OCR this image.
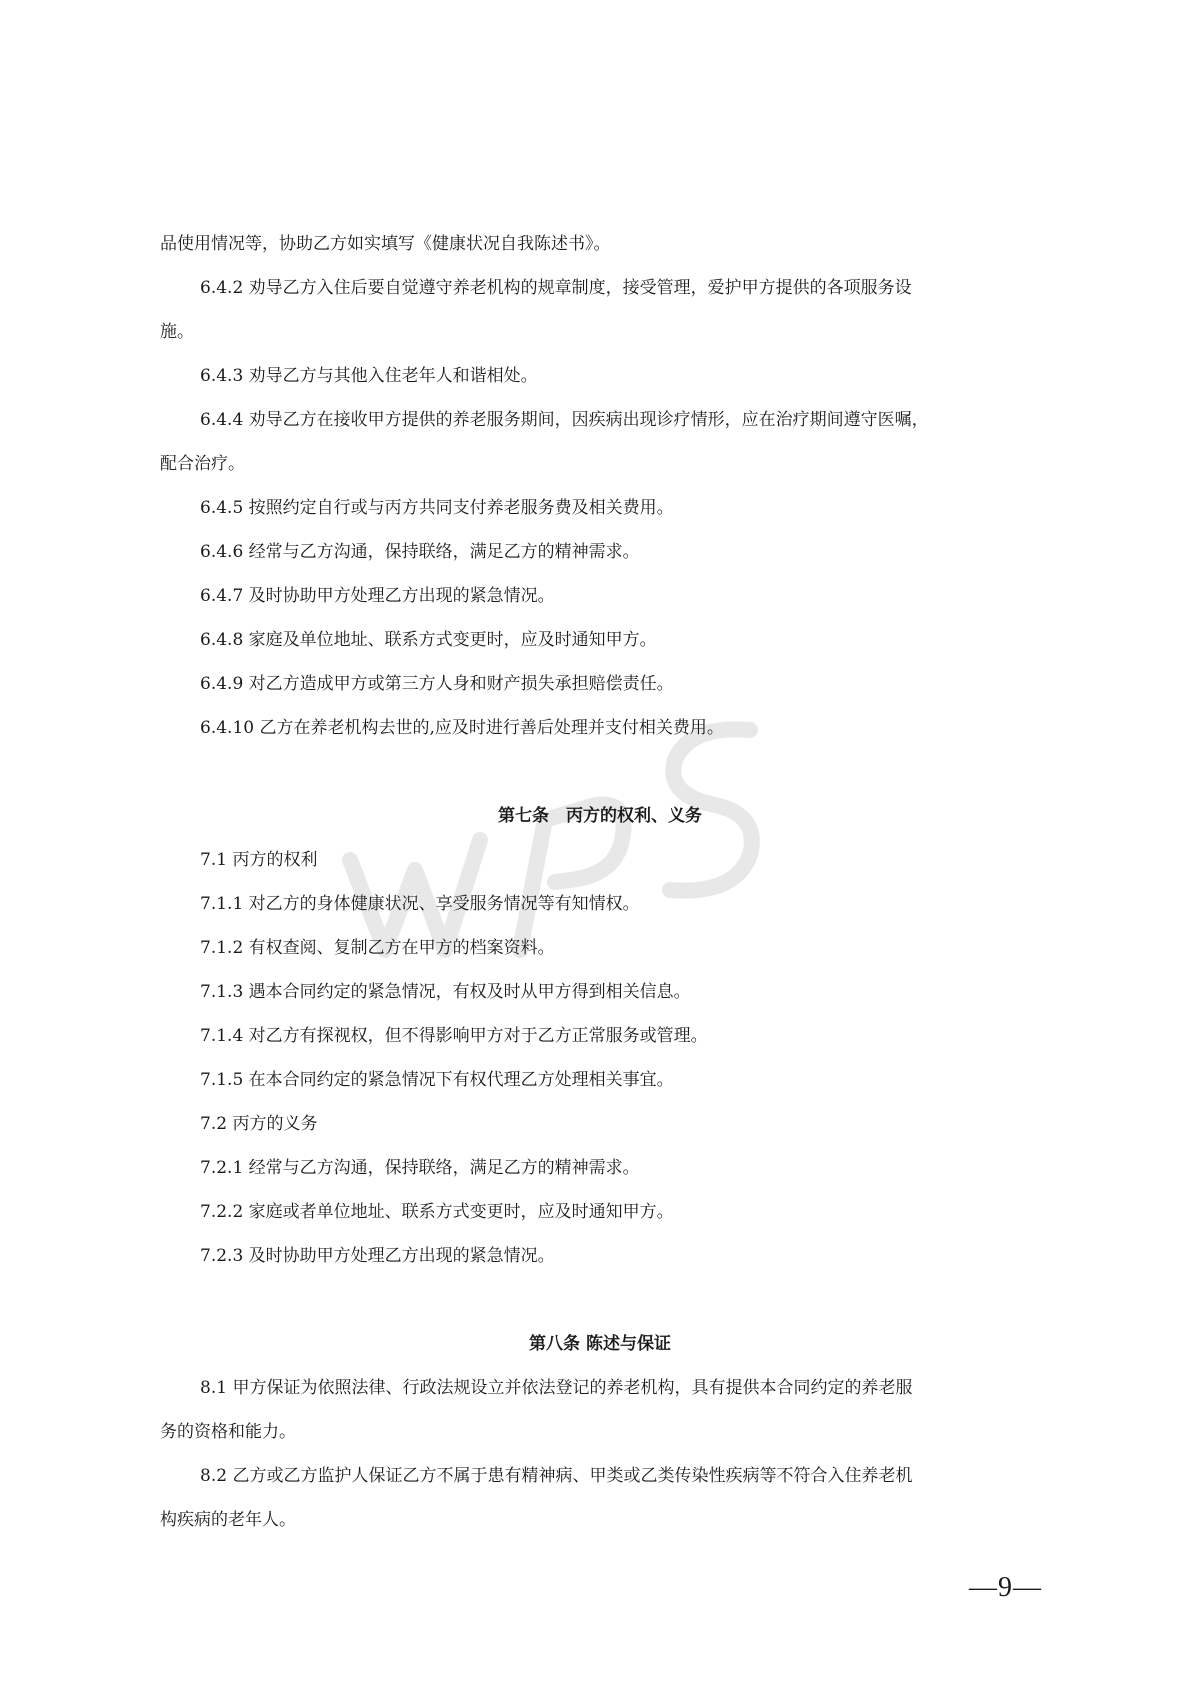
品使用情况等，协助乙方如实填写《健康状况自我陈述书》。

6.4.2 劝导乙方入住后要自觉遵守养老机构的规章制度，接受管理，爱护甲方提供的各项服务设

施。

6.4.3 劝导乙方与其他入住老年人和谐相处。

6.4.4 劝导乙方在接收甲方提供的养老服务期间，因疾病出现诊疗情形，应在治疗期间遵守医嘱，

配合治疗。

6.4.5 按照约定自行或与丙方共同支付养老服务费及相关费用。

6.4.6 经常与乙方沟通，保持联络，满足乙方的精神需求。

6.4.7 及时协助甲方处理乙方出现的紧急情况。

6.4.8 家庭及单位地址、联系方式变更时，应及时通知甲方。

6.4.9 对乙方造成甲方或第三方人身和财产损失承担赔偿责任。

6.4.10 乙方在养老机构去世的,应及时进行善后处理并支付相关费用。

第七条　丙方的权利、义务

7.1 丙方的权利

7.1.1 对乙方的身体健康状况、享受服务情况等有知情权。

7.1.2 有权查阅、复制乙方在甲方的档案资料。

7.1.3 遇本合同约定的紧急情况，有权及时从甲方得到相关信息。

7.1.4 对乙方有探视权，但不得影响甲方对于乙方正常服务或管理。

7.1.5 在本合同约定的紧急情况下有权代理乙方处理相关事宜。

7.2 丙方的义务

7.2.1 经常与乙方沟通，保持联络，满足乙方的精神需求。

7.2.2 家庭或者单位地址、联系方式变更时，应及时通知甲方。

7.2.3 及时协助甲方处理乙方出现的紧急情况。

第八条 陈述与保证

8.1 甲方保证为依照法律、行政法规设立并依法登记的养老机构，具有提供本合同约定的养老服

务的资格和能力。

8.2 乙方或乙方监护人保证乙方不属于患有精神病、甲类或乙类传染性疾病等不符合入住养老机

构疾病的老年人。

—9—
